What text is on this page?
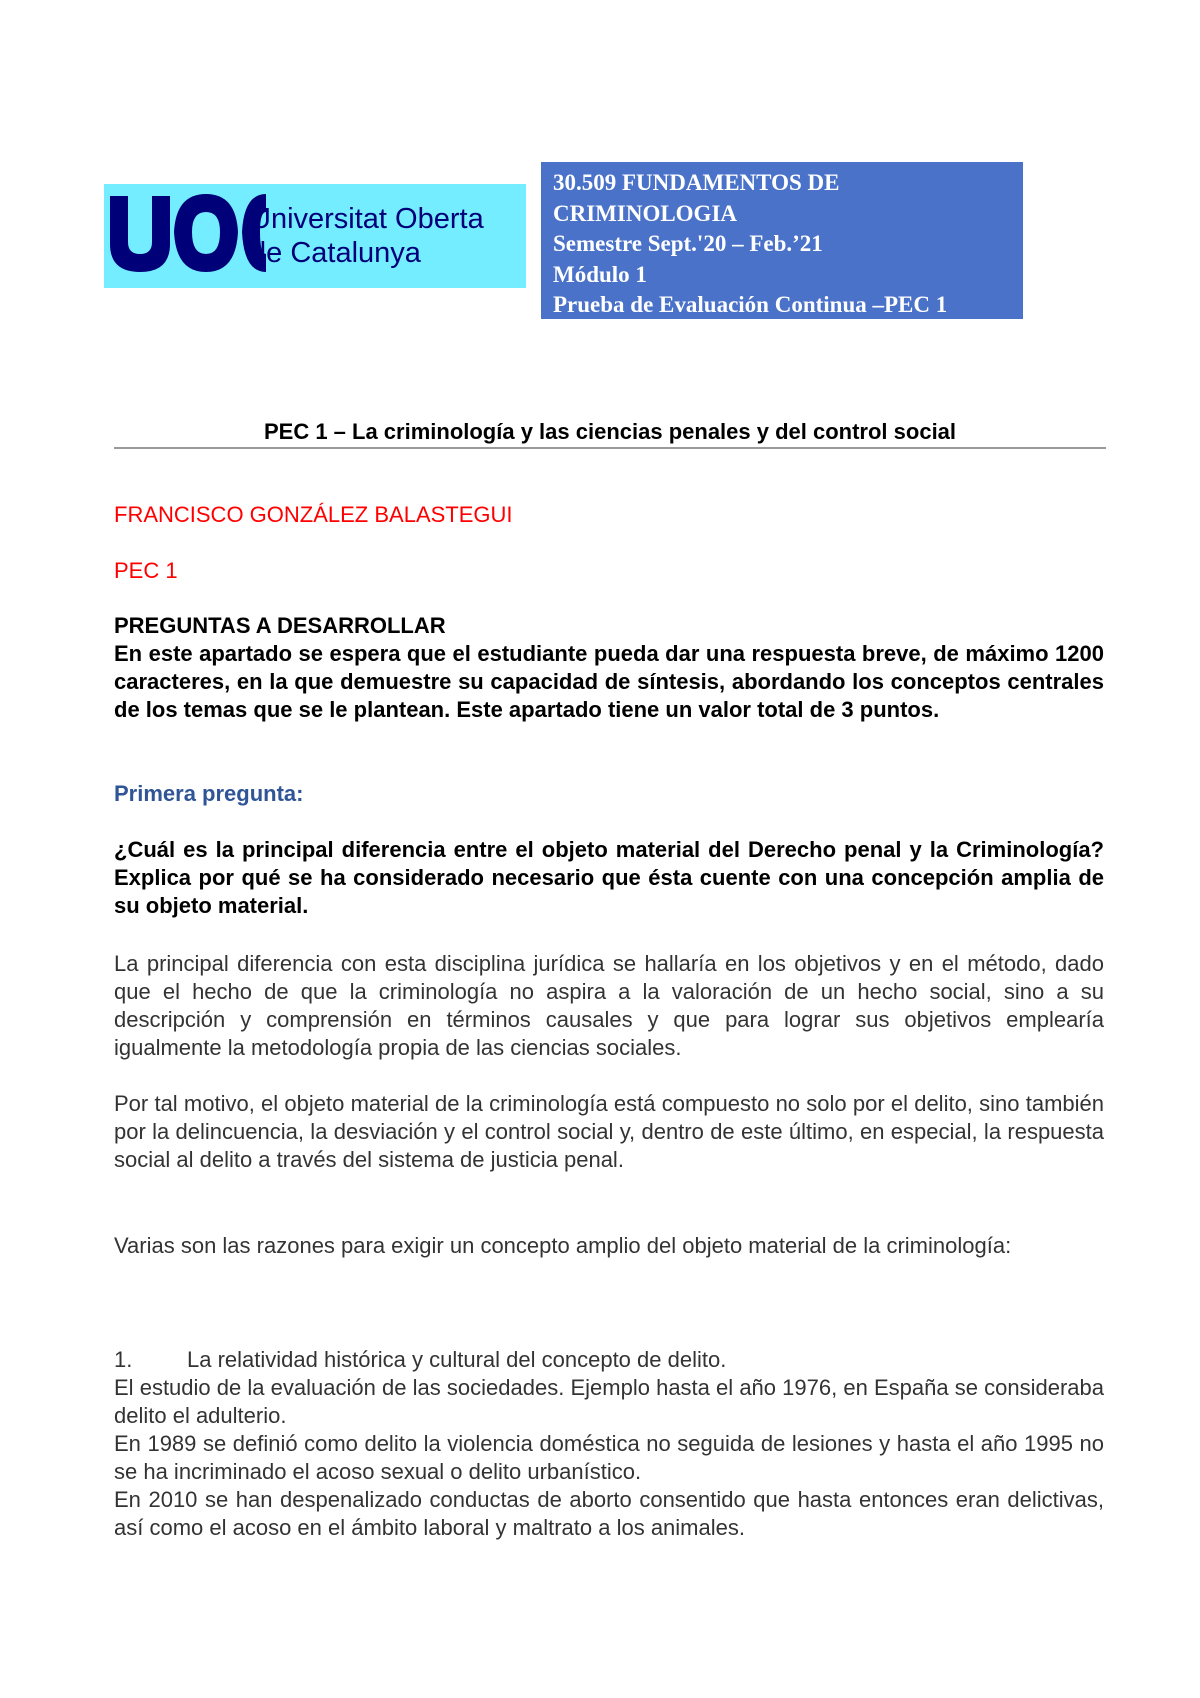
Universitat Oberta
de Catalunya
30.509 FUNDAMENTOS DE
CRIMINOLOGIA
Semestre Sept.'20 – Feb.’21
Módulo 1
Prueba de Evaluación Continua –PEC 1
PEC 1 – La criminología y las ciencias penales y del control social
FRANCISCO GONZÁLEZ BALASTEGUI
PEC 1
PREGUNTAS A DESARROLLAR
En este apartado se espera que el estudiante pueda dar una respuesta breve, de máximo 1200 caracteres, en la que demuestre su capacidad de síntesis, abordando los conceptos centrales de los temas que se le plantean. Este apartado tiene un valor total de 3 puntos.
Primera pregunta:
¿Cuál es la principal diferencia entre el objeto material del Derecho penal y la Criminología? Explica por qué se ha considerado necesario que ésta cuente con una concepción amplia de su objeto material.
La principal diferencia con esta disciplina jurídica se hallaría en los objetivos y en el método, dado que el hecho de que la criminología no aspira a la valoración de un hecho social, sino a su descripción y comprensión en términos causales y que para lograr sus objetivos emplearía igualmente la metodología propia de las ciencias sociales.
Por tal motivo, el objeto material de la criminología está compuesto no solo por el delito, sino también por la delincuencia, la desviación y el control social y, dentro de este último, en especial, la respuesta social al delito a través del sistema de justicia penal.
Varias son las razones para exigir un concepto amplio del objeto material de la criminología:
1. La relatividad histórica y cultural del concepto de delito.
El estudio de la evaluación de las sociedades. Ejemplo hasta el año 1976, en España se consideraba delito el adulterio.
En 1989 se definió como delito la violencia doméstica no seguida de lesiones y hasta el año 1995 no se ha incriminado el acoso sexual o delito urbanístico.
En 2010 se han despenalizado conductas de aborto consentido que hasta entonces eran delictivas, así como el acoso en el ámbito laboral y maltrato a los animales.
